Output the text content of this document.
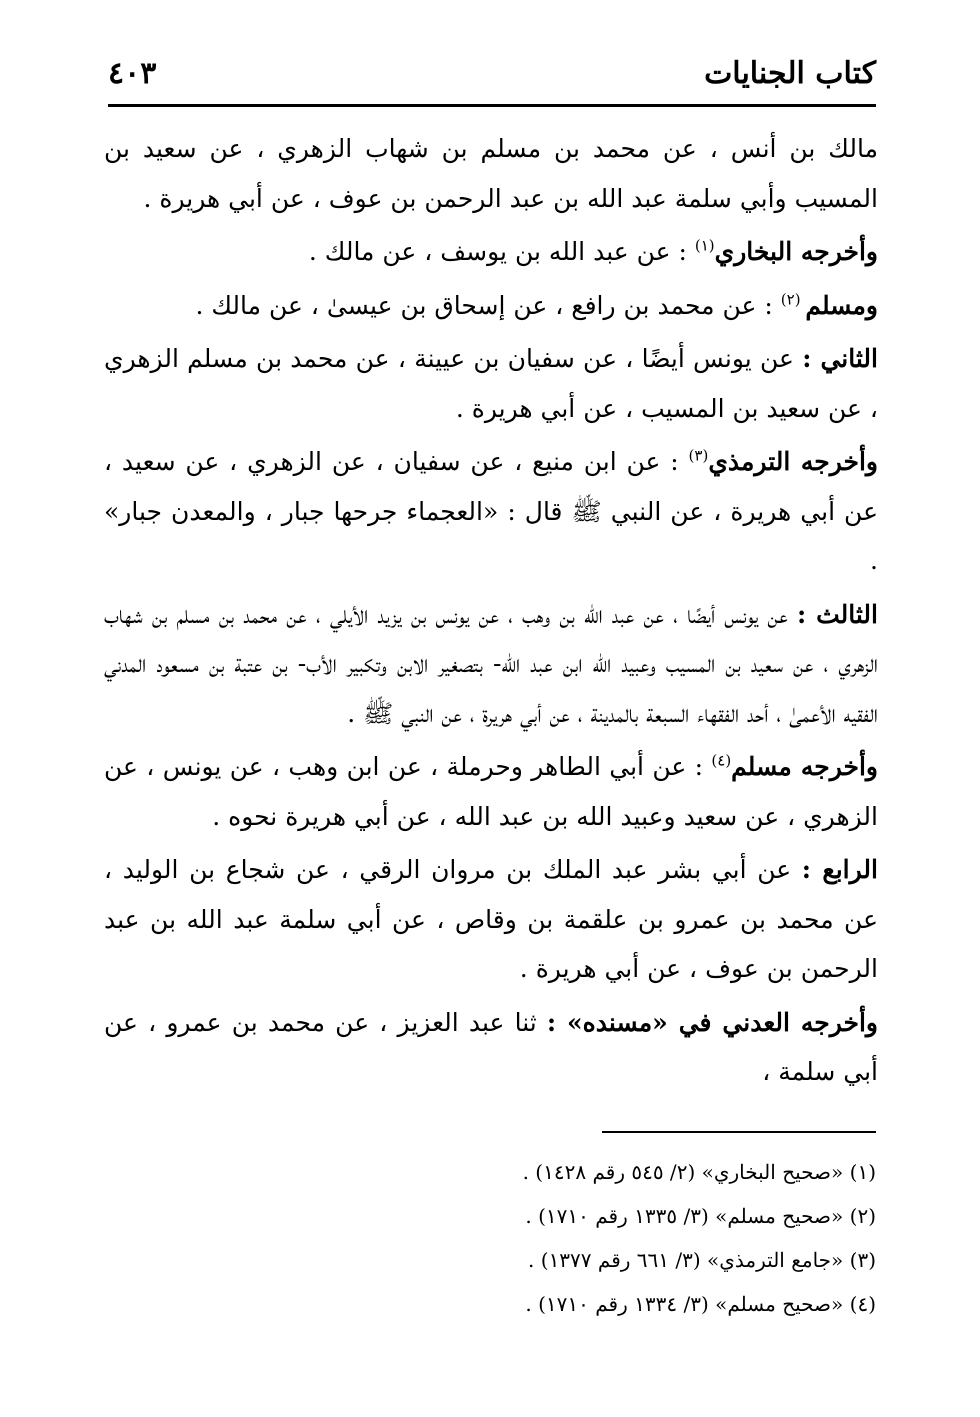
كتاب الجنايات
٤٠٣

مالك بن أنس ، عن محمد بن مسلم بن شهاب الزهري ، عن سعيد بن المسيب وأبي سلمة عبد الله بن عبد الرحمن بن عوف ، عن أبي هريرة .

وأخرجه البخاري$^{(١)}$ : عن عبد الله بن يوسف ، عن مالك .

ومسلم $^{(٢)}$ : عن محمد بن رافع ، عن إسحاق بن عيسىٰ ، عن مالك .

الثاني : عن يونس أيضًا ، عن سفيان بن عيينة ، عن محمد بن مسلم الزهري ، عن سعيد بن المسيب ، عن أبي هريرة .

وأخرجه الترمذي$^{(٣)}$ : عن ابن منيع ، عن سفيان ، عن الزهري ، عن سعيد ، عن أبي هريرة ، عن النبي ﷺ قال : «العجماء جرحها جبار ، والمعدن جبار» .

الثالث : عن يونس أيضًا ، عن عبد الله بن وهب ، عن يونس بن يزيد الأيلي ، عن محمد بن مسلم بن شهاب الزهري ، عن سعيد بن المسيب وعبيد الله ابن عبد الله- بتصغير الابن وتكبير الأب- بن عتبة بن مسعود المدني الفقيه الأعمىٰ ، أحد الفقهاء السبعة بالمدينة ، عن أبي هريرة ، عن النبي ﷺ .

وأخرجه مسلم$^{(٤)}$ : عن أبي الطاهر وحرملة ، عن ابن وهب ، عن يونس ، عن الزهري ، عن سعيد وعبيد الله بن عبد الله ، عن أبي هريرة نحوه .

الرابع : عن أبي بشر عبد الملك بن مروان الرقي ، عن شجاع بن الوليد ، عن محمد بن عمرو بن علقمة بن وقاص ، عن أبي سلمة عبد الله بن عبد الرحمن بن عوف ، عن أبي هريرة .

وأخرجه العدني في «مسنده» : ثنا عبد العزيز ، عن محمد بن عمرو ، عن أبي سلمة ،

(١) «صحيح البخاري» (٢/ ٥٤٥ رقم ١٤٢٨) .
(٢) «صحيح مسلم» (٣/ ١٣٣٥ رقم ١٧١٠) .
(٣) «جامع الترمذي» (٣/ ٦٦١ رقم ١٣٧٧) .
(٤) «صحيح مسلم» (٣/ ١٣٣٤ رقم ١٧١٠) .
